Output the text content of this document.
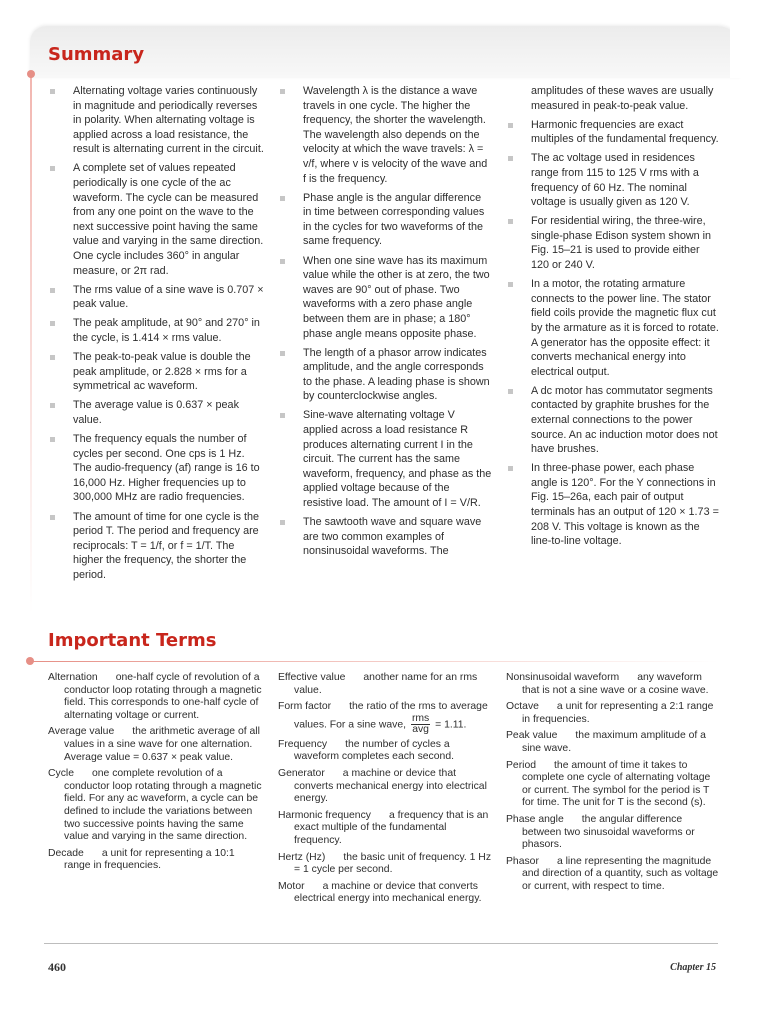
Summary
Alternating voltage varies continuously in magnitude and periodically reverses in polarity. When alternating voltage is applied across a load resistance, the result is alternating current in the circuit.
A complete set of values repeated periodically is one cycle of the ac waveform. The cycle can be measured from any one point on the wave to the next successive point having the same value and varying in the same direction. One cycle includes 360° in angular measure, or 2π rad.
The rms value of a sine wave is 0.707 × peak value.
The peak amplitude, at 90° and 270° in the cycle, is 1.414 × rms value.
The peak-to-peak value is double the peak amplitude, or 2.828 × rms for a symmetrical ac waveform.
The average value is 0.637 × peak value.
The frequency equals the number of cycles per second. One cps is 1 Hz. The audio-frequency (af) range is 16 to 16,000 Hz. Higher frequencies up to 300,000 MHz are radio frequencies.
The amount of time for one cycle is the period T. The period and frequency are reciprocals: T = 1/f, or f = 1/T. The higher the frequency, the shorter the period.
Wavelength λ is the distance a wave travels in one cycle. The higher the frequency, the shorter the wavelength. The wavelength also depends on the velocity at which the wave travels: λ = v/f, where v is velocity of the wave and f is the frequency.
Phase angle is the angular difference in time between corresponding values in the cycles for two waveforms of the same frequency.
When one sine wave has its maximum value while the other is at zero, the two waves are 90° out of phase. Two waveforms with a zero phase angle between them are in phase; a 180° phase angle means opposite phase.
The length of a phasor arrow indicates amplitude, and the angle corresponds to the phase. A leading phase is shown by counterclockwise angles.
Sine-wave alternating voltage V applied across a load resistance R produces alternating current I in the circuit. The current has the same waveform, frequency, and phase as the applied voltage because of the resistive load. The amount of I = V/R.
The sawtooth wave and square wave are two common examples of nonsinusoidal waveforms. The
amplitudes of these waves are usually measured in peak-to-peak value.
Harmonic frequencies are exact multiples of the fundamental frequency.
The ac voltage used in residences range from 115 to 125 V rms with a frequency of 60 Hz. The nominal voltage is usually given as 120 V.
For residential wiring, the three-wire, single-phase Edison system shown in Fig. 15–21 is used to provide either 120 or 240 V.
In a motor, the rotating armature connects to the power line. The stator field coils provide the magnetic flux cut by the armature as it is forced to rotate. A generator has the opposite effect: it converts mechanical energy into electrical output.
A dc motor has commutator segments contacted by graphite brushes for the external connections to the power source. An ac induction motor does not have brushes.
In three-phase power, each phase angle is 120°. For the Y connections in Fig. 15–26a, each pair of output terminals has an output of 120 × 1.73 = 208 V. This voltage is known as the line-to-line voltage.
Important Terms
Alternation one-half cycle of revolution of a conductor loop rotating through a magnetic field. This corresponds to one-half cycle of alternating voltage or current.
Average value the arithmetic average of all values in a sine wave for one alternation. Average value = 0.637 × peak value.
Cycle one complete revolution of a conductor loop rotating through a magnetic field. For any ac waveform, a cycle can be defined to include the variations between two successive points having the same value and varying in the same direction.
Decade a unit for representing a 10:1 range in frequencies.
Effective value another name for an rms value.
Form factor the ratio of the rms to average values. For a sine wave, $\frac{\text{rms}}{\text{avg}} = 1.11$.
Frequency the number of cycles a waveform completes each second.
Generator a machine or device that converts mechanical energy into electrical energy.
Harmonic frequency a frequency that is an exact multiple of the fundamental frequency.
Hertz (Hz) the basic unit of frequency. 1 Hz = 1 cycle per second.
Motor a machine or device that converts electrical energy into mechanical energy.
Nonsinusoidal waveform any waveform that is not a sine wave or a cosine wave.
Octave a unit for representing a 2:1 range in frequencies.
Peak value the maximum amplitude of a sine wave.
Period the amount of time it takes to complete one cycle of alternating voltage or current. The symbol for the period is T for time. The unit for T is the second (s).
Phase angle the angular difference between two sinusoidal waveforms or phasors.
Phasor a line representing the magnitude and direction of a quantity, such as voltage or current, with respect to time.
460	Chapter 15
